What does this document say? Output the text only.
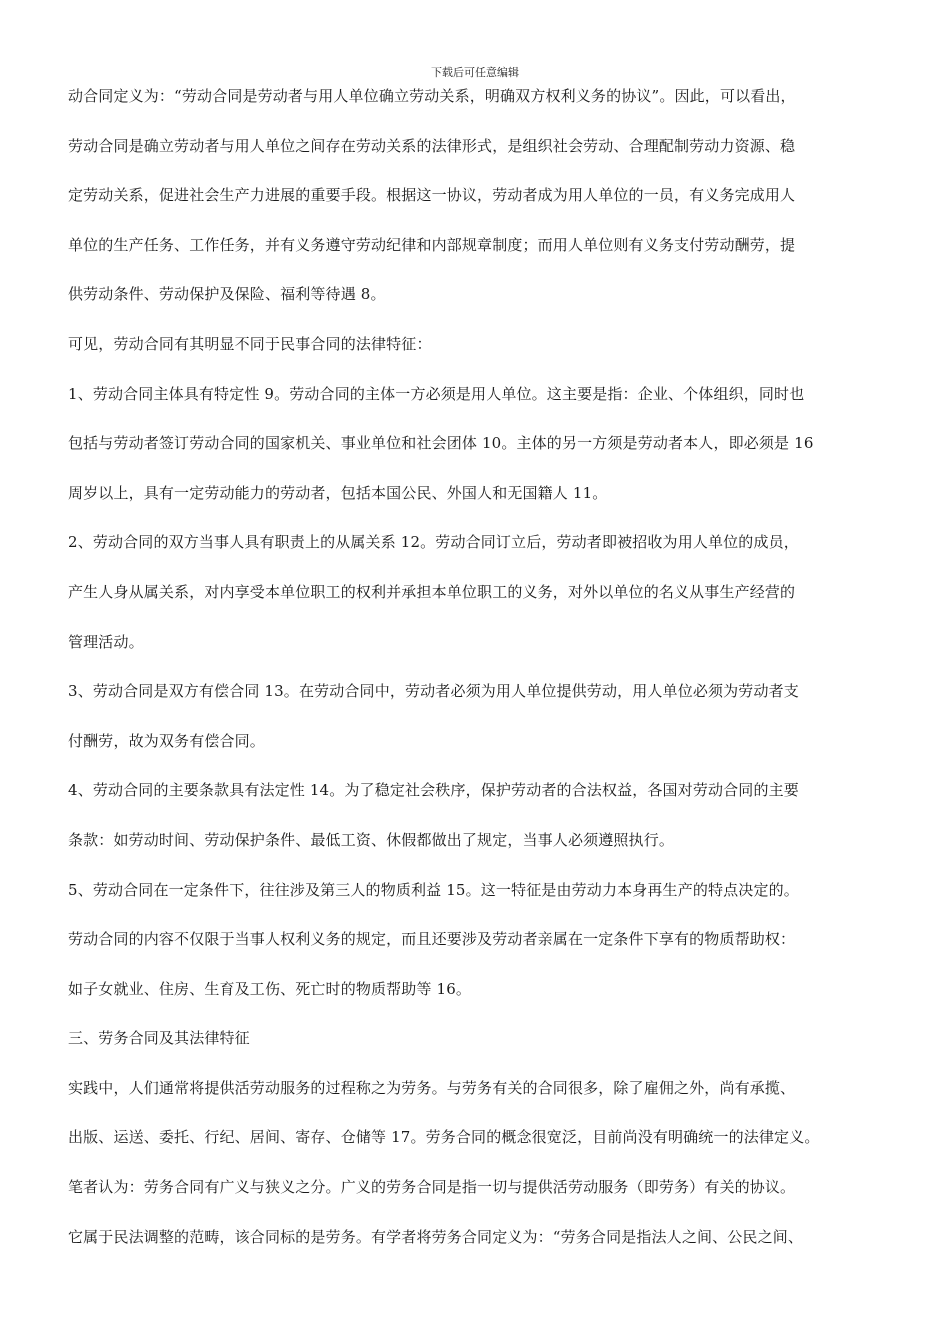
下载后可任意编辑
动合同定义为：“劳动合同是劳动者与用人单位确立劳动关系，明确双方权利义务的协议”。因此，可以看出，
劳动合同是确立劳动者与用人单位之间存在劳动关系的法律形式，是组织社会劳动、合理配制劳动力资源、稳
定劳动关系，促进社会生产力进展的重要手段。根据这一协议，劳动者成为用人单位的一员，有义务完成用人
单位的生产任务、工作任务，并有义务遵守劳动纪律和内部规章制度；而用人单位则有义务支付劳动酬劳，提
供劳动条件、劳动保护及保险、福利等待遇 8。
可见，劳动合同有其明显不同于民事合同的法律特征：
1、劳动合同主体具有特定性 9。劳动合同的主体一方必须是用人单位。这主要是指：企业、个体组织，同时也
包括与劳动者签订劳动合同的国家机关、事业单位和社会团体 10。主体的另一方须是劳动者本人，即必须是 16
周岁以上，具有一定劳动能力的劳动者，包括本国公民、外国人和无国籍人 11。
2、劳动合同的双方当事人具有职责上的从属关系 12。劳动合同订立后，劳动者即被招收为用人单位的成员，
产生人身从属关系，对内享受本单位职工的权利并承担本单位职工的义务，对外以单位的名义从事生产经营的
管理活动。
3、劳动合同是双方有偿合同 13。在劳动合同中，劳动者必须为用人单位提供劳动，用人单位必须为劳动者支
付酬劳，故为双务有偿合同。
4、劳动合同的主要条款具有法定性 14。为了稳定社会秩序，保护劳动者的合法权益，各国对劳动合同的主要
条款：如劳动时间、劳动保护条件、最低工资、休假都做出了规定，当事人必须遵照执行。
5、劳动合同在一定条件下，往往涉及第三人的物质利益 15。这一特征是由劳动力本身再生产的特点决定的。
劳动合同的内容不仅限于当事人权利义务的规定，而且还要涉及劳动者亲属在一定条件下享有的物质帮助权：
如子女就业、住房、生育及工伤、死亡时的物质帮助等 16。
三、劳务合同及其法律特征
实践中，人们通常将提供活劳动服务的过程称之为劳务。与劳务有关的合同很多，除了雇佣之外，尚有承揽、
出版、运送、委托、行纪、居间、寄存、仓储等 17。劳务合同的概念很宽泛，目前尚没有明确统一的法律定义。
笔者认为：劳务合同有广义与狭义之分。广义的劳务合同是指一切与提供活劳动服务（即劳务）有关的协议。
它属于民法调整的范畴，该合同标的是劳务。有学者将劳务合同定义为：“劳务合同是指法人之间、公民之间、
